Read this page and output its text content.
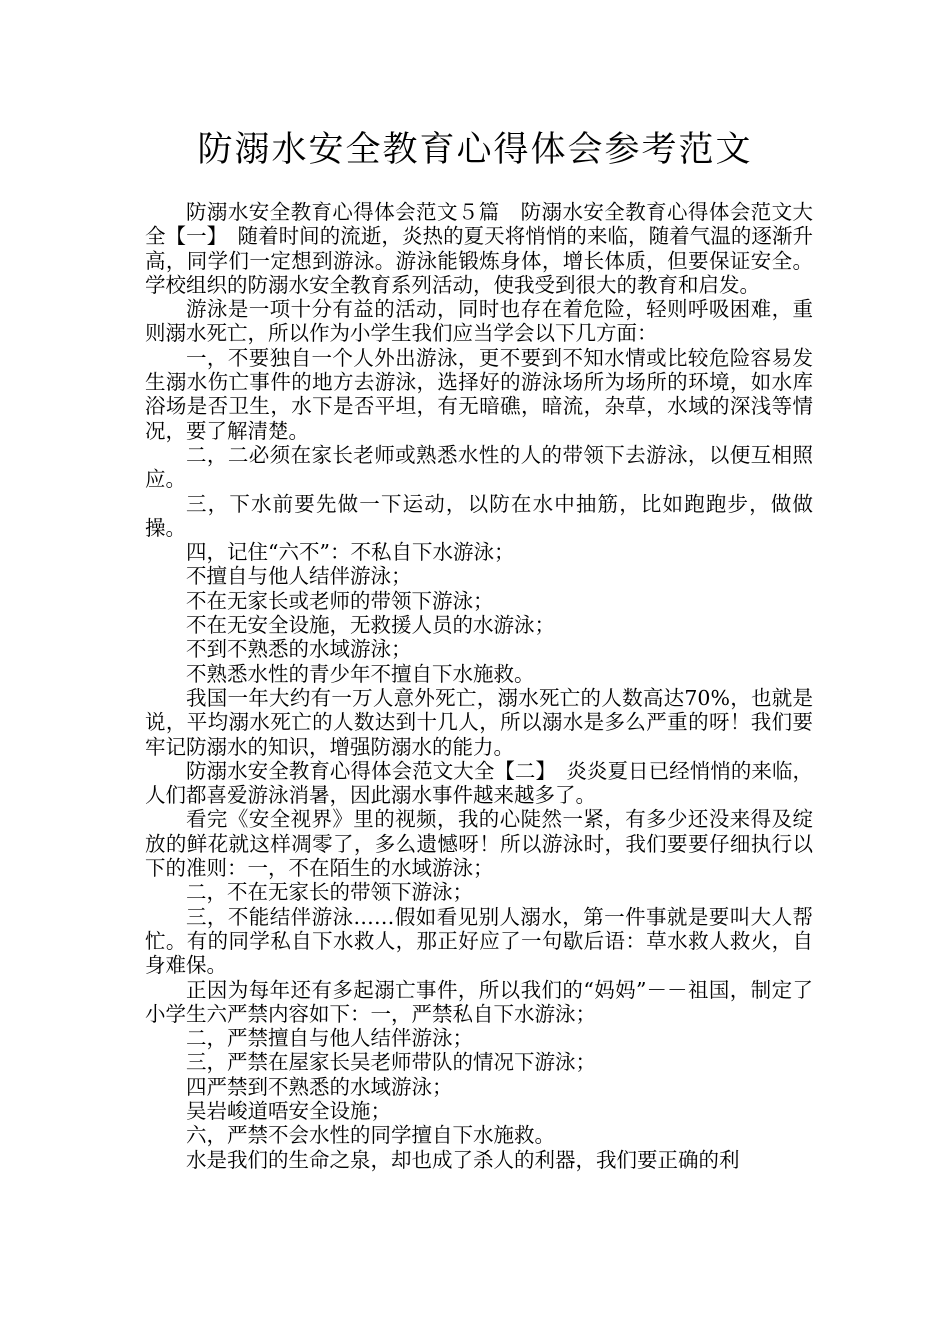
防溺水安全教育心得体会参考范文

防溺水安全教育心得体会范文５篇　防溺水安全教育心得体会范文大全【一】　随着时间的流逝，炎热的夏天将悄悄的来临，随着气温的逐渐升高，同学们一定想到游泳。游泳能锻炼身体，增长体质，但要保证安全。学校组织的防溺水安全教育系列活动，使我受到很大的教育和启发。

游泳是一项十分有益的活动，同时也存在着危险，轻则呼吸困难，重则溺水死亡，所以作为小学生我们应当学会以下几方面：

一，不要独自一个人外出游泳，更不要到不知水情或比较危险容易发生溺水伤亡事件的地方去游泳，选择好的游泳场所为场所的环境，如水库浴场是否卫生，水下是否平坦，有无暗礁，暗流，杂草，水域的深浅等情况，要了解清楚。

二，二必须在家长老师或熟悉水性的人的带领下去游泳，以便互相照应。

三，下水前要先做一下运动，以防在水中抽筋，比如跑跑步，做做操。

四，记住“六不”：不私自下水游泳；

不擅自与他人结伴游泳；

不在无家长或老师的带领下游泳；

不在无安全设施，无救援人员的水游泳；

不到不熟悉的水域游泳；

不熟悉水性的青少年不擅自下水施救。

我国一年大约有一万人意外死亡，溺水死亡的人数高达70%，也就是说，平均溺水死亡的人数达到十几人，所以溺水是多么严重的呀！我们要牢记防溺水的知识，增强防溺水的能力。

防溺水安全教育心得体会范文大全【二】　炎炎夏日已经悄悄的来临，人们都喜爱游泳消暑，因此溺水事件越来越多了。

看完《安全视界》里的视频，我的心陡然一紧，有多少还没来得及绽放的鲜花就这样凋零了，多么遗憾呀！所以游泳时，我们要要仔细执行以下的准则：一，不在陌生的水域游泳；

二，不在无家长的带领下游泳；

三，不能结伴游泳……假如看见别人溺水，第一件事就是要叫大人帮忙。有的同学私自下水救人，那正好应了一句歇后语：草水救人救火，自身难保。

正因为每年还有多起溺亡事件，所以我们的“妈妈”－－祖国，制定了小学生六严禁内容如下：一，严禁私自下水游泳；

二，严禁擅自与他人结伴游泳；

三，严禁在屋家长吴老师带队的情况下游泳；

四严禁到不熟悉的水域游泳；

吴岩峻道唔安全设施；

六，严禁不会水性的同学擅自下水施救。

水是我们的生命之泉，却也成了杀人的利器，我们要正确的利
